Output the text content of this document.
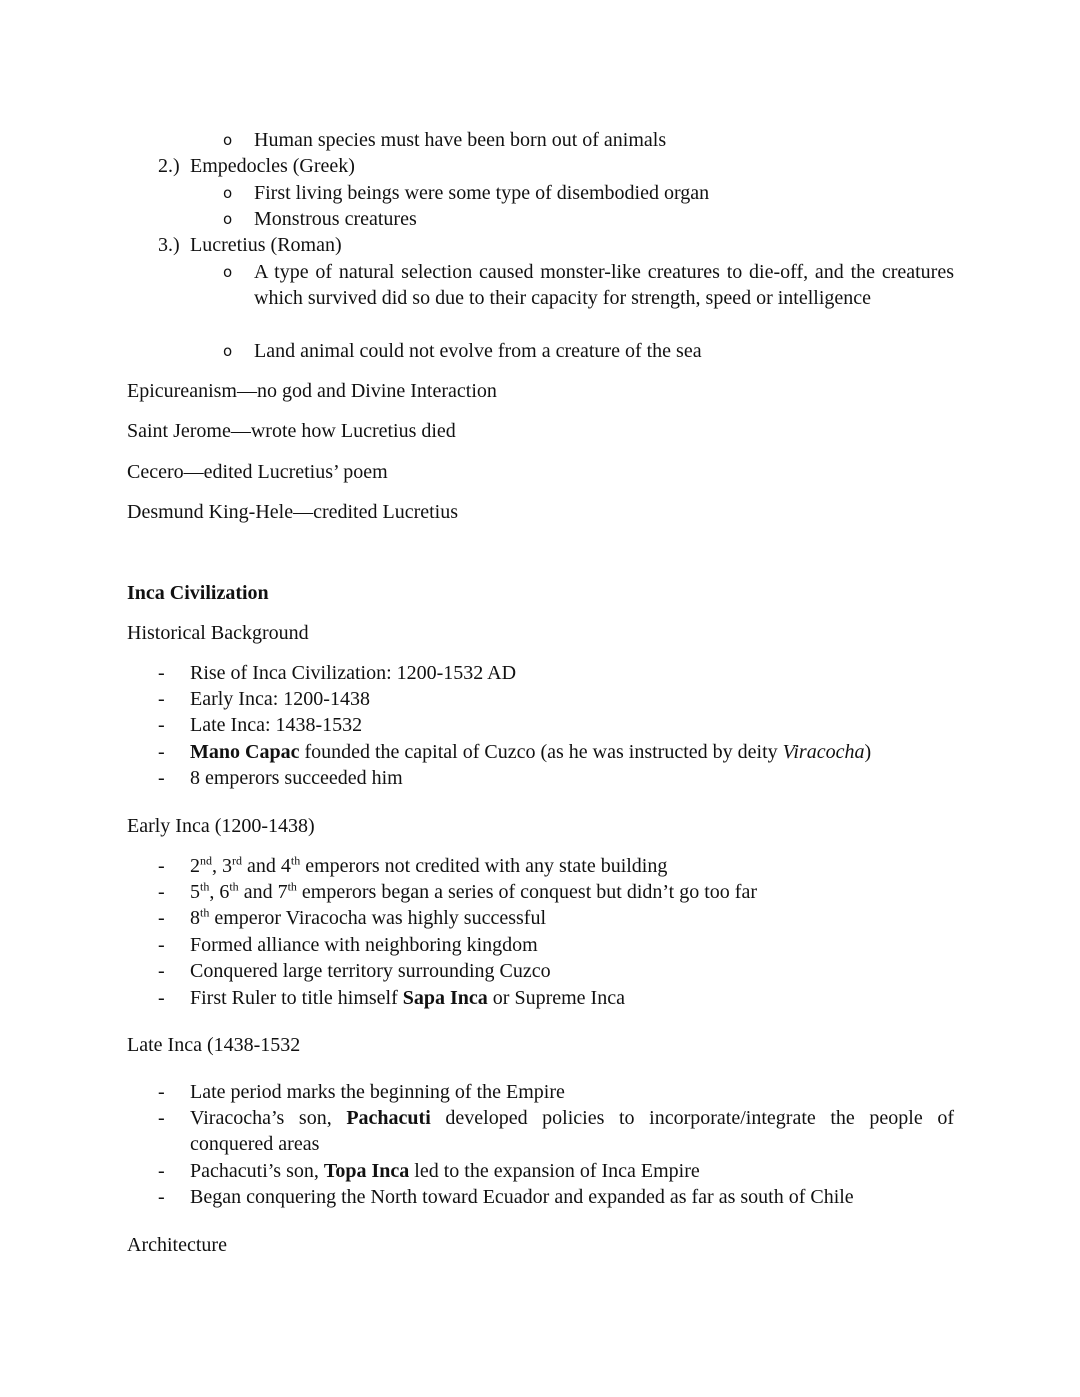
o Human species must have been born out of animals
2.) Empedocles (Greek)
o First living beings were some type of disembodied organ
o Monstrous creatures
3.) Lucretius (Roman)
o A type of natural selection caused monster-like creatures to die-off, and the creatures which survived did so due to their capacity for strength, speed or intelligence
o Land animal could not evolve from a creature of the sea
Epicureanism—no god and Divine Interaction
Saint Jerome—wrote how Lucretius died
Cecero—edited Lucretius’ poem
Desmund King-Hele—credited Lucretius
Inca Civilization
Historical Background
- Rise of Inca Civilization: 1200-1532 AD
- Early Inca: 1200-1438
- Late Inca: 1438-1532
- Mano Capac founded the capital of Cuzco (as he was instructed by deity Viracocha)
- 8 emperors succeeded him
Early Inca (1200-1438)
- 2nd, 3rd and 4th emperors not credited with any state building
- 5th, 6th and 7th emperors began a series of conquest but didn’t go too far
- 8th emperor Viracocha was highly successful
- Formed alliance with neighboring kingdom
- Conquered large territory surrounding Cuzco
- First Ruler to title himself Sapa Inca or Supreme Inca
Late Inca (1438-1532
- Late period marks the beginning of the Empire
- Viracocha’s son, Pachacuti developed policies to incorporate/integrate the people of conquered areas
- Pachacuti’s son, Topa Inca led to the expansion of Inca Empire
- Began conquering the North toward Ecuador and expanded as far as south of Chile
Architecture
